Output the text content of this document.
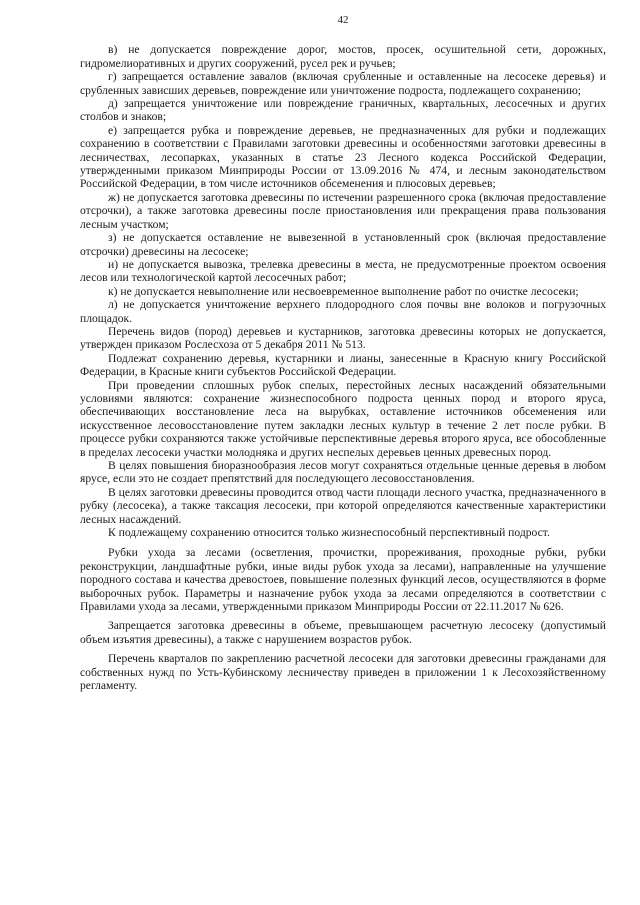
42

в) не допускается повреждение дорог, мостов, просек, осушительной сети, дорожных, гидромелиоративных и других сооружений, русел рек и ручьев;

г) запрещается оставление завалов (включая срубленные и оставленные на лесосеке деревья) и срубленных зависших деревьев, повреждение или уничтожение подроста, подлежащего сохранению;

д) запрещается уничтожение или повреждение граничных, квартальных, лесосечных и других столбов и знаков;

е) запрещается рубка и повреждение деревьев, не предназначенных для рубки и подлежащих сохранению в соответствии с Правилами заготовки древесины и особенностями заготовки древесины в лесничествах, лесопарках, указанных в статье 23 Лесного кодекса Российской Федерации, утвержденными приказом Минприроды России от 13.09.2016 № 474, и лесным законодательством Российской Федерации, в том числе источников обсеменения и плюсовых деревьев;

ж) не допускается заготовка древесины по истечении разрешенного срока (включая предоставление отсрочки), а также заготовка древесины после приостановления или прекращения права пользования лесным участком;

з) не допускается оставление не вывезенной в установленный срок (включая предоставление отсрочки) древесины на лесосеке;

и) не допускается вывозка, трелевка древесины в места, не предусмотренные проектом освоения лесов или технологической картой лесосечных работ;

к) не допускается невыполнение или несвоевременное выполнение работ по очистке лесосеки;

л) не допускается уничтожение верхнего плодородного слоя почвы вне волоков и погрузочных площадок.

Перечень видов (пород) деревьев и кустарников, заготовка древесины которых не допускается, утвержден приказом Рослесхоза от 5 декабря 2011 № 513.

Подлежат сохранению деревья, кустарники и лианы, занесенные в Красную книгу Российской Федерации, в Красные книги субъектов Российской Федерации.

При проведении сплошных рубок спелых, перестойных лесных насаждений обязательными условиями являются: сохранение жизнеспособного подроста ценных пород и второго яруса, обеспечивающих восстановление леса на вырубках, оставление источников обсеменения или искусственное лесовосстановление путем закладки лесных культур в течение 2 лет после рубки. В процессе рубки сохраняются также устойчивые перспективные деревья второго яруса, все обособленные в пределах лесосеки участки молодняка и других неспелых деревьев ценных древесных пород.

В целях повышения биоразнообразия лесов могут сохраняться отдельные ценные деревья в любом ярусе, если это не создает препятствий для последующего лесовосстановления.

В целях заготовки древесины проводится отвод части площади лесного участка, предназначенного в рубку (лесосека), а также таксация лесосеки, при которой определяются качественные характеристики лесных насаждений.

К подлежащему сохранению относится только жизнеспособный перспективный подрост.

Рубки ухода за лесами (осветления, прочистки, прореживания, проходные рубки, рубки реконструкции, ландшафтные рубки, иные виды рубок ухода за лесами), направленные на улучшение породного состава и качества древостоев, повышение полезных функций лесов, осуществляются в форме выборочных рубок. Параметры и назначение рубок ухода за лесами определяются в соответствии с Правилами ухода за лесами, утвержденными приказом Минприроды России от 22.11.2017 № 626.

Запрещается заготовка древесины в объеме, превышающем расчетную лесосеку (допустимый объем изъятия древесины), а также с нарушением возрастов рубок.

Перечень кварталов по закреплению расчетной лесосеки для заготовки древесины гражданами для собственных нужд по Усть-Кубинскому лесничеству приведен в приложении 1 к Лесохозяйственному регламенту.
